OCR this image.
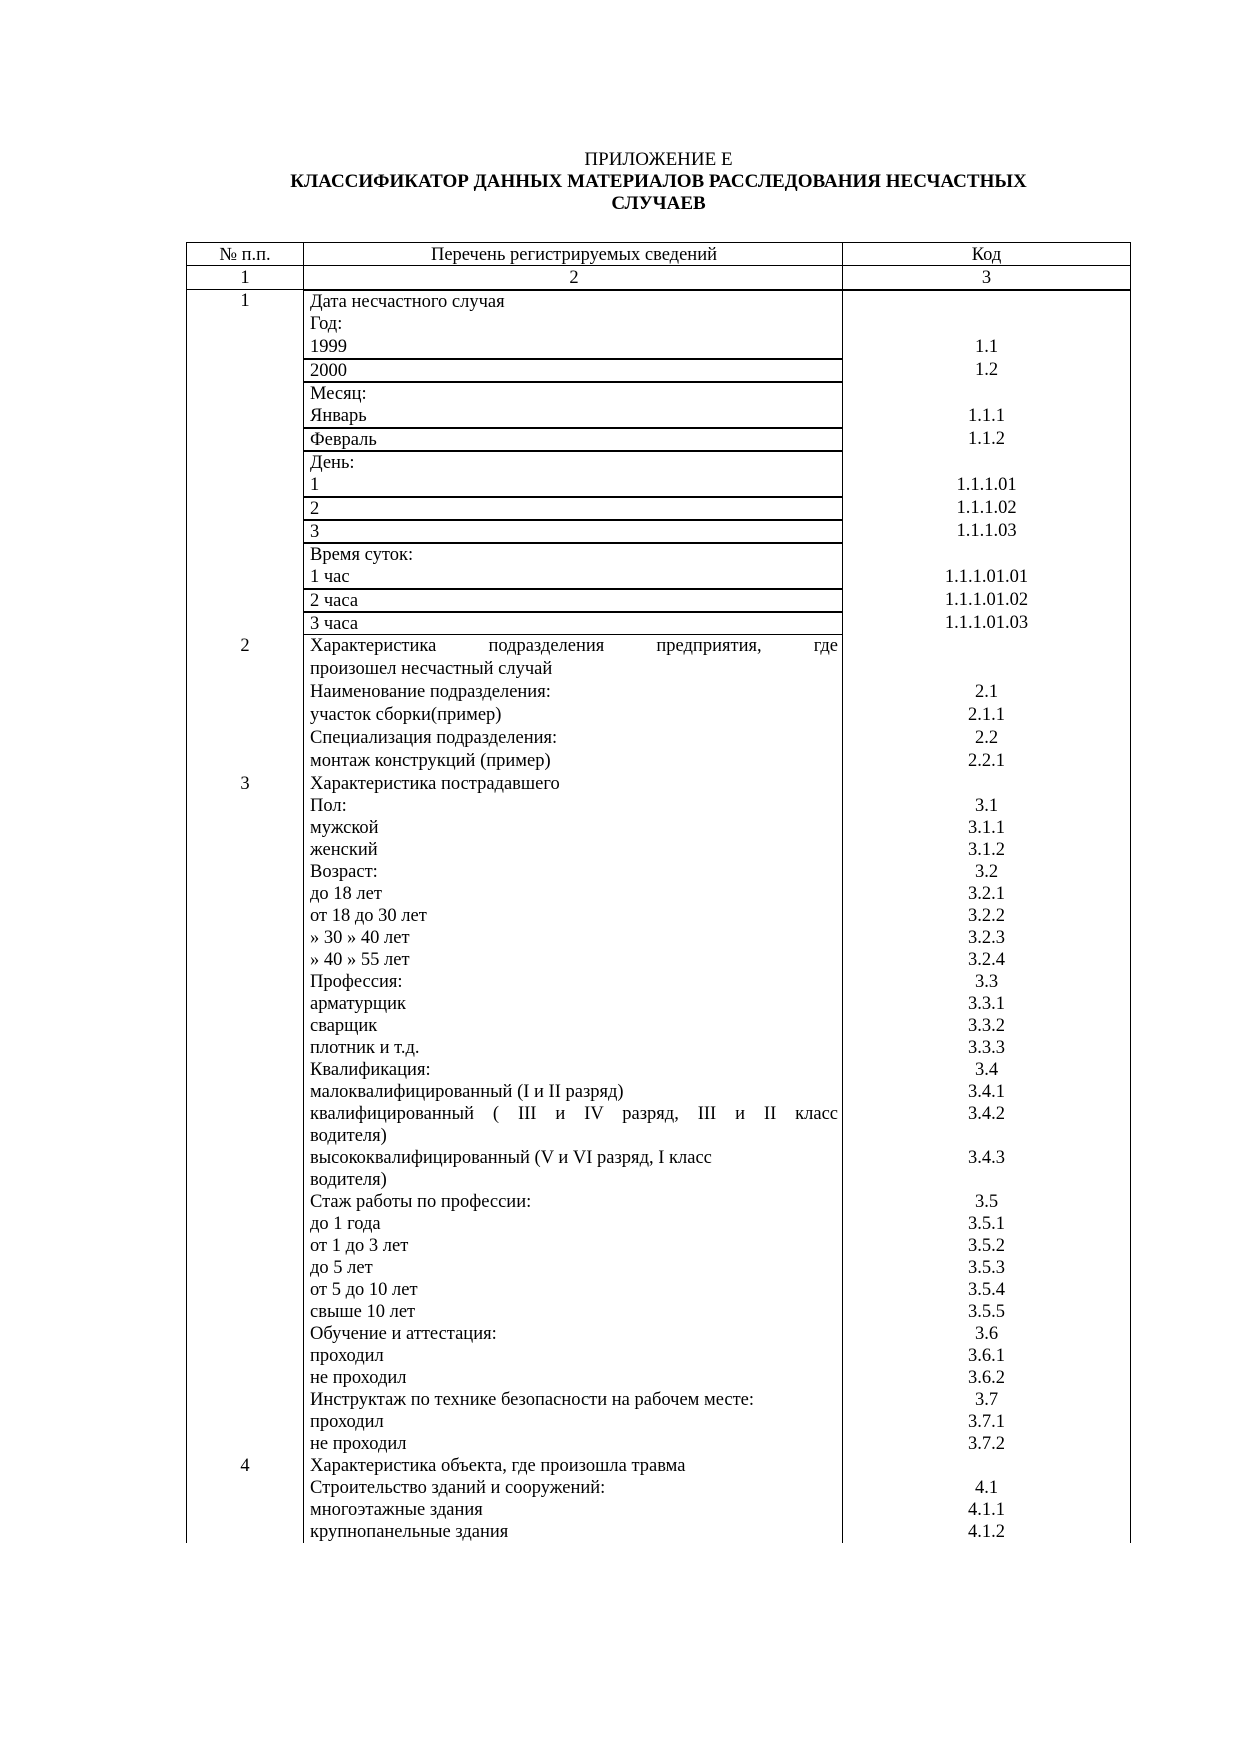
ПРИЛОЖЕНИЕ Е
КЛАССИФИКАТОР ДАННЫХ МАТЕРИАЛОВ РАССЛЕДОВАНИЯ НЕСЧАСТНЫХ
СЛУЧАЕВ
№ п.п.	Перечень регистрируемых сведений	Код
1	2	3
1	Дата несчастного случая
Год:
1999	1.1
2000	1.2
Месяц:
Январь	1.1.1
Февраль	1.1.2
День:
1	1.1.1.01
2	1.1.1.02
3	1.1.1.03
Время суток:
1 час	1.1.1.01.01
2 часа	1.1.1.01.02
3 часа	1.1.1.01.03
2	Характеристика подразделения предприятия, где
произошел несчастный случай
Наименование подразделения:	2.1
участок сборки(пример)	2.1.1
Специализация подразделения:	2.2
монтаж конструкций (пример)	2.2.1
3	Характеристика пострадавшего
Пол:	3.1
мужской	3.1.1
женский	3.1.2
Возраст:	3.2
до 18 лет	3.2.1
от 18 до 30 лет	3.2.2
» 30 » 40 лет	3.2.3
» 40 » 55 лет	3.2.4
Профессия:	3.3
арматурщик	3.3.1
сварщик	3.3.2
плотник и т.д.	3.3.3
Квалификация:	3.4
малоквалифицированный (I и II разряд)	3.4.1
квалифицированный ( III и IV разряд, III и II класс	3.4.2
водителя)
высококвалифицированный (V и VI разряд, I класс	3.4.3
водителя)
Стаж работы по профессии:	3.5
до 1 года	3.5.1
от 1 до 3 лет	3.5.2
до 5 лет	3.5.3
от 5 до 10 лет	3.5.4
свыше 10 лет	3.5.5
Обучение и аттестация:	3.6
проходил	3.6.1
не проходил	3.6.2
Инструктаж по технике безопасности на рабочем месте:	3.7
проходил	3.7.1
не проходил	3.7.2
4	Характеристика объекта, где произошла травма
Строительство зданий и сооружений:	4.1
многоэтажные здания	4.1.1
крупнопанельные здания	4.1.2
